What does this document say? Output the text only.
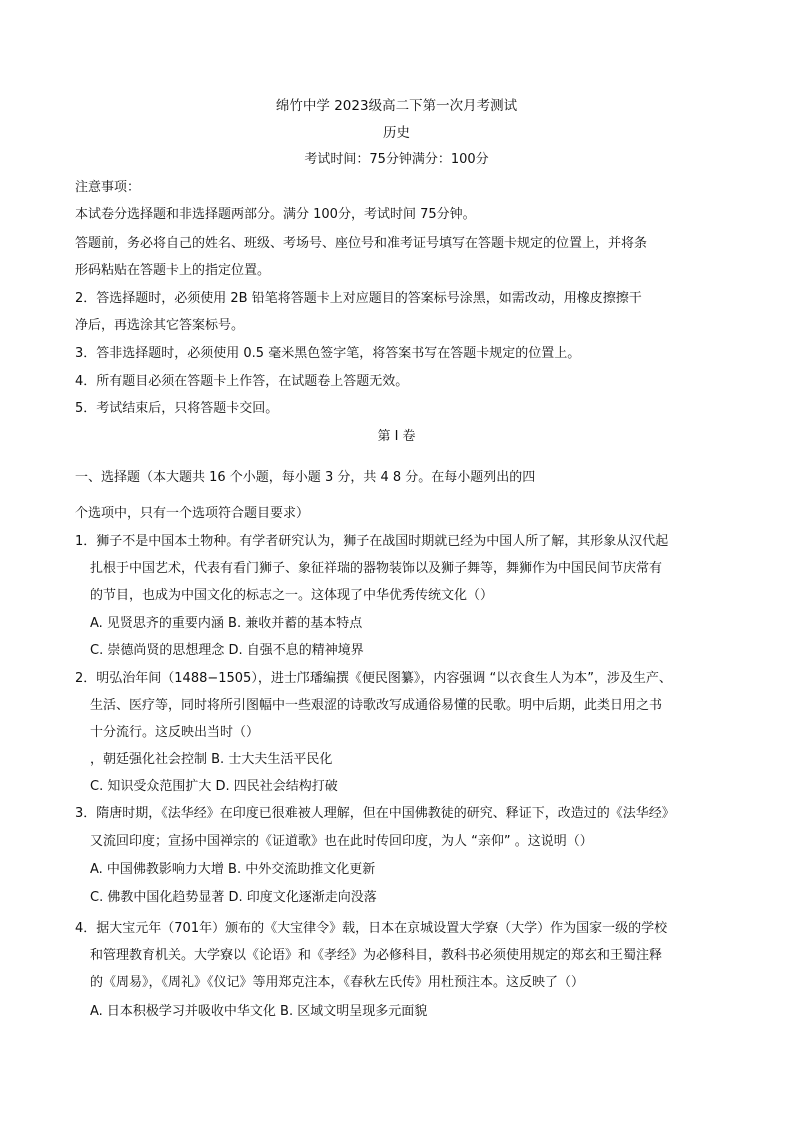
绵竹中学 2023级高二下第一次月考测试
历史
考试时间：75分钟满分：100分
注意事项：
本试卷分选择题和非选择题两部分。满分 100分，考试时间 75分钟。
答题前，务必将自己的姓名、班级、考场号、座位号和准考证号填写在答题卡规定的位置上，并将条
形码粘贴在答题卡上的指定位置。
2．答选择题时，必须使用 2B 铅笔将答题卡上对应题目的答案标号涂黑，如需改动，用橡皮擦擦干
净后，再选涂其它答案标号。
3．答非选择题时，必须使用 0.5 毫米黑色签字笔，将答案书写在答题卡规定的位置上。
4．所有题目必须在答题卡上作答，在试题卷上答题无效。
5．考试结束后，只将答题卡交回。
第 I 卷
一、选择题（本大题共 16 个小题，每小题 3 分，共 4 8 分。在每小题列出的四
个选项中，只有一个选项符合题目要求）
1．狮子不是中国本土物种。有学者研究认为，狮子在战国时期就已经为中国人所了解，其形象从汉代起
扎根于中国艺术，代表有看门狮子、象征祥瑞的器物装饰以及狮子舞等，舞狮作为中国民间节庆常有
的节目，也成为中国文化的标志之一。这体现了中华优秀传统文化（）
A. 见贤思齐的重要内涵 B. 兼收并蓄的基本特点
C. 崇德尚贤的思想理念 D. 自强不息的精神境界
2．明弘治年间（1488−1505），进士邝璠编撰《便民图纂》，内容强调 “以衣食生人为本”，涉及生产、
生活、医疗等，同时将所引图幅中一些艰涩的诗歌改写成通俗易懂的民歌。明中后期，此类日用之书
十分流行。这反映出当时（）
，朝廷强化社会控制 B. 士大夫生活平民化
C. 知识受众范围扩大 D. 四民社会结构打破
3．隋唐时期，《法华经》在印度已很难被人理解，但在中国佛教徒的研究、释证下，改造过的《法华经》
又流回印度；宣扬中国禅宗的《证道歌》也在此时传回印度，为人 “亲仰” 。这说明（）
A. 中国佛教影响力大增 B. 中外交流助推文化更新
C. 佛教中国化趋势显著 D. 印度文化逐渐走向没落
4．据大宝元年（701年）颁布的《大宝律令》载，日本在京城设置大学寮（大学）作为国家一级的学校
和管理教育机关。大学寮以《论语》和《孝经》为必修科目，教科书必须使用规定的郑玄和王蜀注释
的《周易》，《周礼》《仪记》等用郑克注本，《春秋左氏传》用杜预注本。这反映了（）
A. 日本积极学习并吸收中华文化 B. 区域文明呈现多元面貌
